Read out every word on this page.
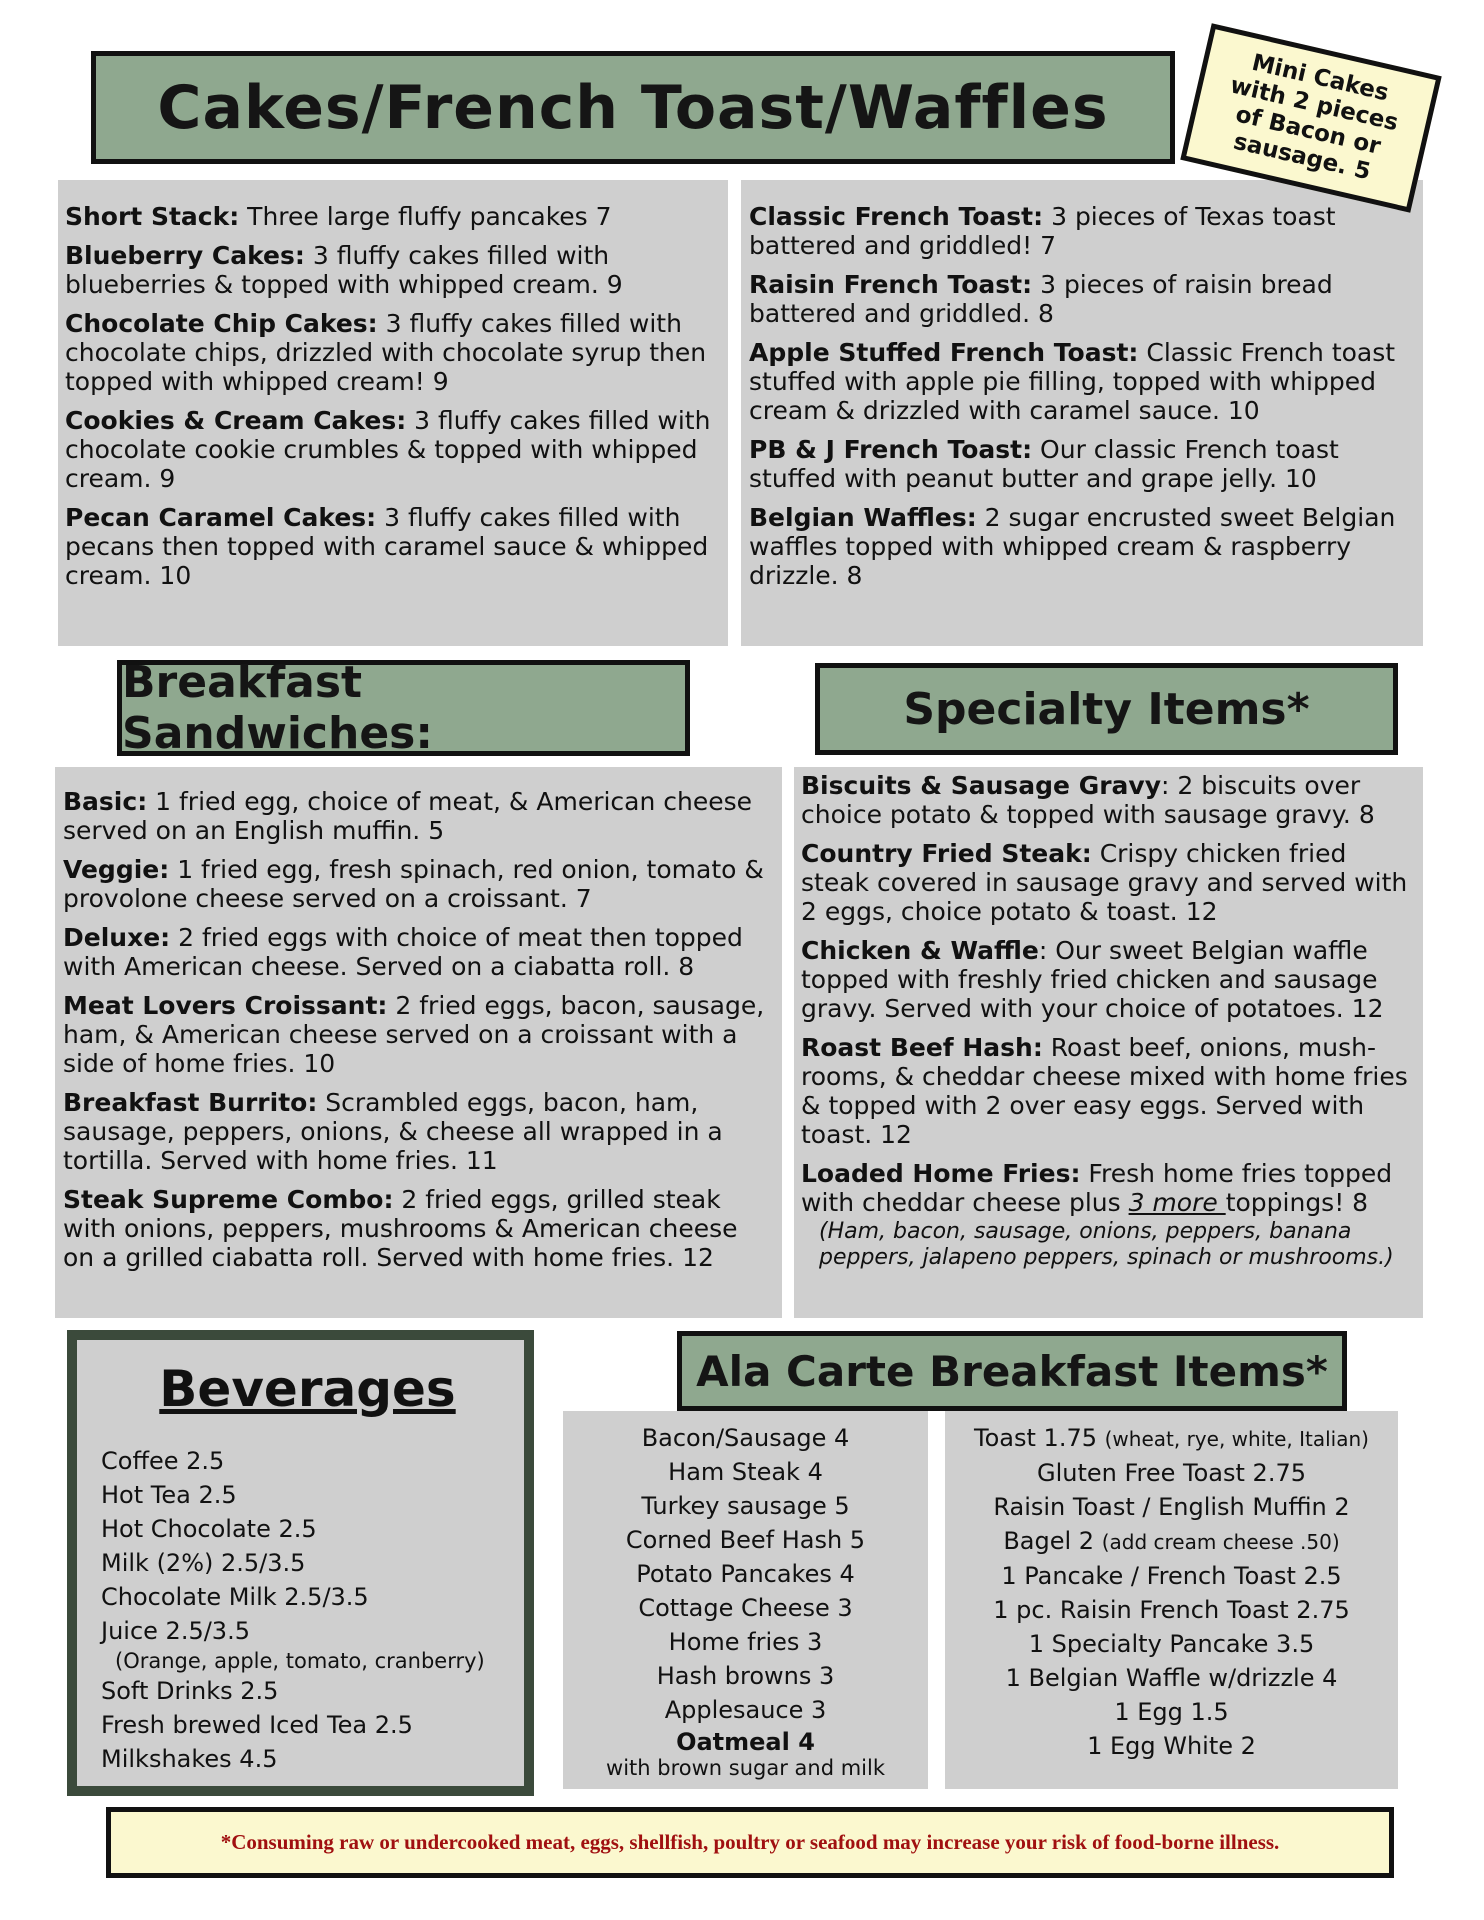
Cakes/French Toast/Waffles
Short Stack: Three large fluffy pancakes 7
Blueberry Cakes: 3 fluffy cakes filled with blueberries & topped with whipped cream. 9
Chocolate Chip Cakes: 3 fluffy cakes filled with chocolate chips, drizzled with chocolate syrup then topped with whipped cream! 9
Cookies & Cream Cakes: 3 fluffy cakes filled with chocolate cookie crumbles & topped with whipped cream. 9
Pecan Caramel Cakes: 3 fluffy cakes filled with pecans then topped with caramel sauce & whipped cream. 10
Classic French Toast: 3 pieces of Texas toast battered and griddled! 7
Raisin French Toast: 3 pieces of raisin bread battered and griddled. 8
Apple Stuffed French Toast: Classic French toast stuffed with apple pie filling, topped with whipped cream & drizzled with caramel sauce. 10
PB & J French Toast: Our classic French toast stuffed with peanut butter and grape jelly. 10
Belgian Waffles: 2 sugar encrusted sweet Belgian waffles topped with whipped cream & raspberry drizzle. 8
Mini Cakes with 2 pieces of Bacon or sausage. 5
Breakfast Sandwiches:	Specialty Items*
Basic: 1 fried egg, choice of meat, & American cheese served on an English muffin. 5
Veggie: 1 fried egg, fresh spinach, red onion, tomato & provolone cheese served on a croissant. 7
Deluxe: 2 fried eggs with choice of meat then topped with American cheese. Served on a ciabatta roll. 8
Meat Lovers Croissant: 2 fried eggs, bacon, sausage, ham, & American cheese served on a croissant with a side of home fries. 10
Breakfast Burrito: Scrambled eggs, bacon, ham, sausage, peppers, onions, & cheese all wrapped in a tortilla. Served with home fries. 11
Steak Supreme Combo: 2 fried eggs, grilled steak with onions, peppers, mushrooms & American cheese on a grilled ciabatta roll. Served with home fries. 12
Biscuits & Sausage Gravy: 2 biscuits over choice potato & topped with sausage gravy. 8
Country Fried Steak: Crispy chicken fried steak covered in sausage gravy and served with 2 eggs, choice potato & toast. 12
Chicken & Waffle: Our sweet Belgian waffle topped with freshly fried chicken and sausage gravy. Served with your choice of potatoes. 12
Roast Beef Hash: Roast beef, onions, mush-rooms, & cheddar cheese mixed with home fries & topped with 2 over easy eggs. Served with toast. 12
Loaded Home Fries: Fresh home fries topped with cheddar cheese plus 3 more toppings! 8
(Ham, bacon, sausage, onions, peppers, banana peppers, jalapeno peppers, spinach or mushrooms.)
Beverages
Coffee 2.5
Hot Tea 2.5
Hot Chocolate 2.5
Milk (2%) 2.5/3.5
Chocolate Milk 2.5/3.5
Juice 2.5/3.5
(Orange, apple, tomato, cranberry)
Soft Drinks 2.5
Fresh brewed Iced Tea 2.5
Milkshakes 4.5
Ala Carte Breakfast Items*
Bacon/Sausage 4
Ham Steak 4
Turkey sausage 5
Corned Beef Hash 5
Potato Pancakes 4
Cottage Cheese 3
Home fries 3
Hash browns 3
Applesauce 3
Oatmeal 4
with brown sugar and milk
Toast 1.75 (wheat, rye, white, Italian)
Gluten Free Toast 2.75
Raisin Toast / English Muffin 2
Bagel 2 (add cream cheese .50)
1 Pancake / French Toast 2.5
1 pc. Raisin French Toast 2.75
1 Specialty Pancake 3.5
1 Belgian Waffle w/drizzle 4
1 Egg 1.5
1 Egg White 2
*Consuming raw or undercooked meat, eggs, shellfish, poultry or seafood may increase your risk of food-borne illness.
